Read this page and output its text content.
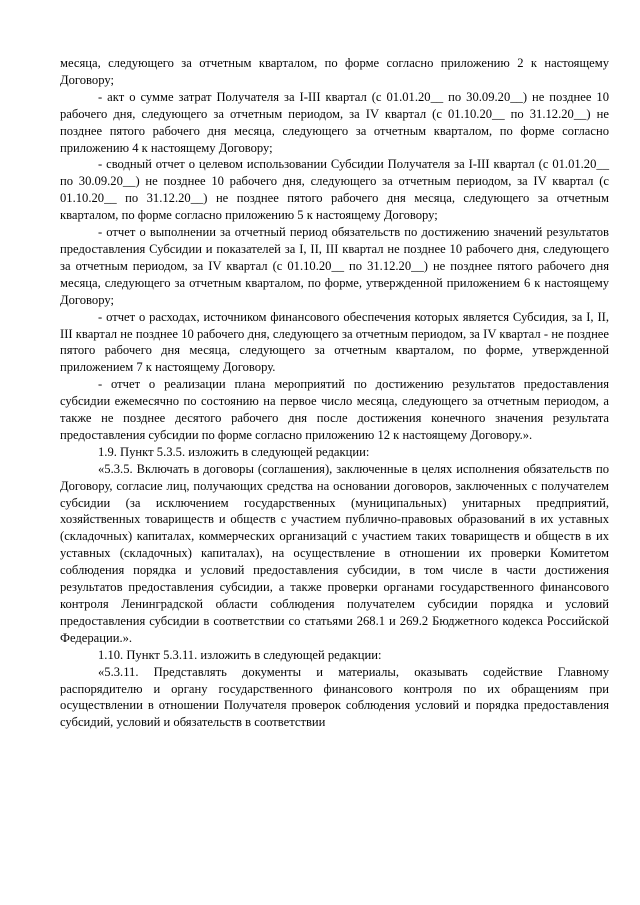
месяца, следующего за отчетным кварталом, по форме согласно приложению 2 к настоящему Договору;

- акт о сумме затрат Получателя за I-III квартал (с 01.01.20__ по 30.09.20__) не позднее 10 рабочего дня, следующего за отчетным периодом, за IV квартал (с 01.10.20__ по 31.12.20__) не позднее пятого рабочего дня месяца, следующего за отчетным кварталом, по форме согласно приложению 4 к настоящему Договору;

- сводный отчет о целевом использовании Субсидии Получателя за I-III квартал (с 01.01.20__ по 30.09.20__) не позднее 10 рабочего дня, следующего за отчетным периодом, за IV квартал (с 01.10.20__ по 31.12.20__) не позднее пятого рабочего дня месяца, следующего за отчетным кварталом, по форме согласно приложению 5 к настоящему Договору;

- отчет о выполнении за отчетный период обязательств по достижению значений результатов предоставления Субсидии и показателей за I, II, III квартал не позднее 10 рабочего дня, следующего за отчетным периодом, за IV квартал (с 01.10.20__ по 31.12.20__) не позднее пятого рабочего дня месяца, следующего за отчетным кварталом, по форме, утвержденной приложением 6 к настоящему Договору;

- отчет о расходах, источником финансового обеспечения которых является Субсидия, за I, II, III квартал не позднее 10 рабочего дня, следующего за отчетным периодом, за IV квартал - не позднее пятого рабочего дня месяца, следующего за отчетным кварталом, по форме, утвержденной приложением 7 к настоящему Договору.

- отчет о реализации плана мероприятий по достижению результатов предоставления субсидии ежемесячно по состоянию на первое число месяца, следующего за отчетным периодом, а также не позднее десятого рабочего дня после достижения конечного значения результата предоставления субсидии по форме согласно приложению 12 к настоящему Договору.».

1.9. Пункт 5.3.5. изложить в следующей редакции:

«5.3.5. Включать в договоры (соглашения), заключенные в целях исполнения обязательств по Договору, согласие лиц, получающих средства на основании договоров, заключенных с получателем субсидии (за исключением государственных (муниципальных) унитарных предприятий, хозяйственных товариществ и обществ с участием публично-правовых образований в их уставных (складочных) капиталах, коммерческих организаций с участием таких товариществ и обществ в их уставных (складочных) капиталах), на осуществление в отношении их проверки Комитетом соблюдения порядка и условий предоставления субсидии, в том числе в части достижения результатов предоставления субсидии, а также проверки органами государственного финансового контроля Ленинградской области соблюдения получателем субсидии порядка и условий предоставления субсидии в соответствии со статьями 268.1 и 269.2 Бюджетного кодекса Российской Федерации.».

1.10. Пункт 5.3.11. изложить в следующей редакции:

«5.3.11. Представлять документы и материалы, оказывать содействие Главному распорядителю и органу государственного финансового контроля по их обращениям при осуществлении в отношении Получателя проверок соблюдения условий и порядка предоставления субсидий, условий и обязательств в соответствии
